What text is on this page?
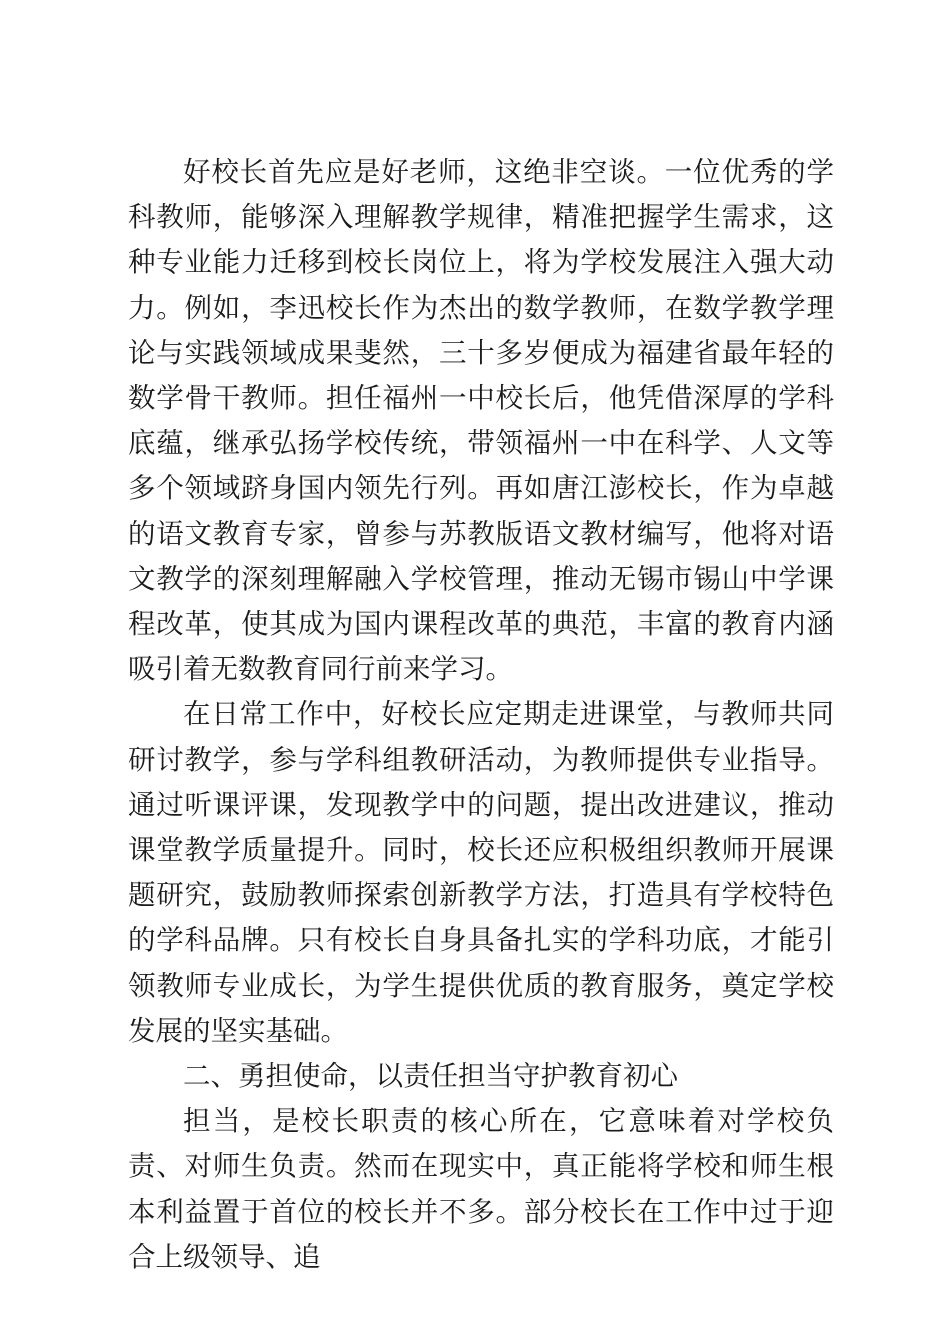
好校长首先应是好老师，这绝非空谈。一位优秀的学科教师，能够深入理解教学规律，精准把握学生需求，这种专业能力迁移到校长岗位上，将为学校发展注入强大动力。例如，李迅校长作为杰出的数学教师，在数学教学理论与实践领域成果斐然，三十多岁便成为福建省最年轻的数学骨干教师。担任福州一中校长后，他凭借深厚的学科底蕴，继承弘扬学校传统，带领福州一中在科学、人文等多个领域跻身国内领先行列。再如唐江澎校长，作为卓越的语文教育专家，曾参与苏教版语文教材编写，他将对语文教学的深刻理解融入学校管理，推动无锡市锡山中学课程改革，使其成为国内课程改革的典范，丰富的教育内涵吸引着无数教育同行前来学习。

在日常工作中，好校长应定期走进课堂，与教师共同研讨教学，参与学科组教研活动，为教师提供专业指导。通过听课评课，发现教学中的问题，提出改进建议，推动课堂教学质量提升。同时，校长还应积极组织教师开展课题研究，鼓励教师探索创新教学方法，打造具有学校特色的学科品牌。只有校长自身具备扎实的学科功底，才能引领教师专业成长，为学生提供优质的教育服务，奠定学校发展的坚实基础。

二、勇担使命，以责任担当守护教育初心

担当，是校长职责的核心所在，它意味着对学校负责、对师生负责。然而在现实中，真正能将学校和师生根本利益置于首位的校长并不多。部分校长在工作中过于迎合上级领导、追
